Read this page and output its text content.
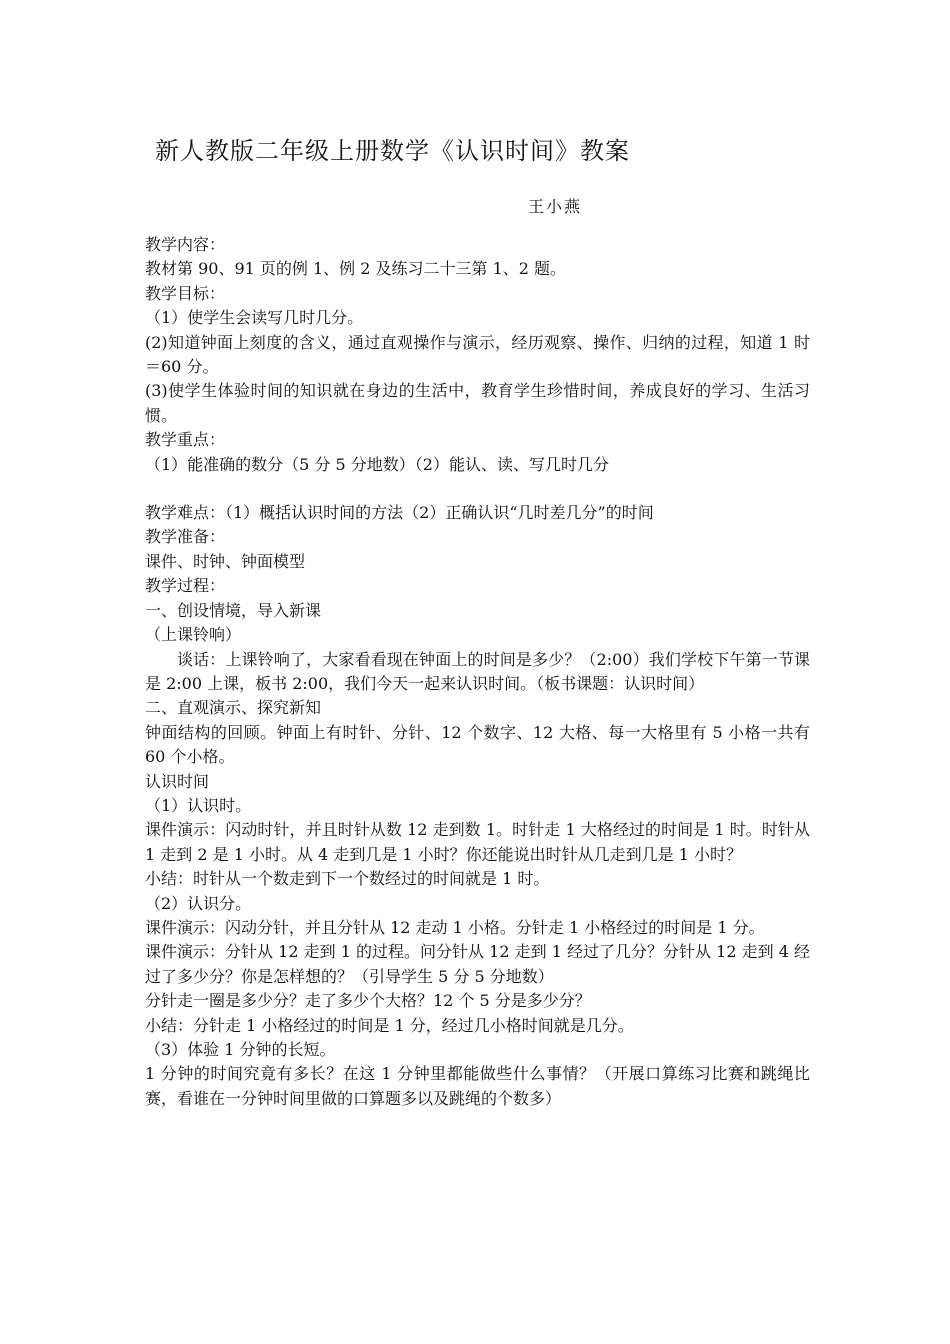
新人教版二年级上册数学《认识时间》教案
王小燕

教学内容：

教材第 90、91 页的例 1、例 2 及练习二十三第 1、2 题。

教学目标：

（1）使学生会读写几时几分。

(2)知道钟面上刻度的含义，通过直观操作与演示，经历观察、操作、归纳的过程，知道 1 时＝60 分。

(3)使学生体验时间的知识就在身边的生活中，教育学生珍惜时间，养成良好的学习、生活习惯。

教学重点：

（1）能准确的数分（5 分 5 分地数）（2）能认、读、写几时几分

教学难点：（1）概括认识时间的方法（2）正确认识“几时差几分”的时间

教学准备：

课件、时钟、钟面模型

教学过程：

一、创设情境，导入新课

（上课铃响）

谈话：上课铃响了，大家看看现在钟面上的时间是多少？（2:00）我们学校下午第一节课是 2:00 上课，板书 2:00，我们今天一起来认识时间。（板书课题：认识时间）

二、直观演示、探究新知

钟面结构的回顾。钟面上有时针、分针、12 个数字、12 大格、每一大格里有 5 小格一共有 60 个小格。

认识时间

（1）认识时。

课件演示：闪动时针，并且时针从数 12 走到数 1。时针走 1 大格经过的时间是 1 时。时针从 1 走到 2 是 1 小时。从 4 走到几是 1 小时？你还能说出时针从几走到几是 1 小时？

小结：时针从一个数走到下一个数经过的时间就是 1 时。

（2）认识分。

课件演示：闪动分针，并且分针从 12 走动 1 小格。分针走 1 小格经过的时间是 1 分。

课件演示：分针从 12 走到 1 的过程。问分针从 12 走到 1 经过了几分？分针从 12 走到 4 经过了多少分？你是怎样想的？（引导学生 5 分 5 分地数）

分针走一圈是多少分？走了多少个大格？12 个 5 分是多少分？

小结：分针走 1 小格经过的时间是 1 分，经过几小格时间就是几分。

（3）体验 1 分钟的长短。

1 分钟的时间究竟有多长？在这 1 分钟里都能做些什么事情？（开展口算练习比赛和跳绳比赛，看谁在一分钟时间里做的口算题多以及跳绳的个数多）
